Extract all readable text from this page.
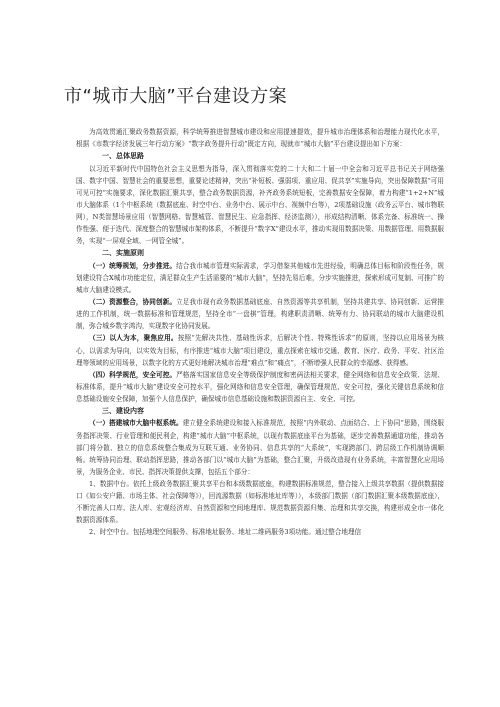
市“城市大脑”平台建设方案

为高效贯通汇聚政务数据资源，科学统筹推进智慧城市建设和应用提速提效，提升城市治理体系和治理能力现代化水平，根据《市数字经济发展三年行动方案》“数字政务提升行动”既定方向，现就市“城市大脑”平台建设提出如下方案：

一、总体思路

以习近平新时代中国特色社会主义思想为指导，深入贯彻落实党的二十大和二十届一中全会和习近平总书记关于网络强国、数字中国、智慧社会的重要思想，重要论述精神，突出“补短板、强弱项、重应用、促共享”实施导向，突出保障数据“可用可见可控”实施要求，深化数据汇聚共享，整合政务数据资源，补齐政务系统短板，完善数据安全保障，着力构建“1+2+N”城市大脑体系（1个中枢系统（数据底座、时空中台、业务中台、展示中台、视频中台等），2项基础设施（政务云平台、城市物联网），N类智慧场景应用（智慧网格、智慧城管、智慧民生、应急指挥、经济监测）），形成结构清晰、体系完备、标准统一、操作性强、便于迭代、深度整合的智慧城市架构体系，不断提升“数字X”建设水平，推动实现用数据决策、用数据管理、用数据服务，实现“一屏观全域、一网管全城”。

二、实施原则

（一）统筹规划，分步推进。结合我市城市管理实际需求，学习借鉴其他城市先进经验，明确总体目标和阶段性任务，规划建设符合X城市功能定位，满足群众生产生活需要的“城市大脑”，坚持先易后难，分步实施推进，探索形成可复制、可推广的城市大脑建设模式。

（二）资源整合，协同创新。立足我市现有政务数据基础底座、自然资源等共享机制，坚持共建共享、协同创新、运营推进的工作机制，统一数据标准和管理规范，坚持全市“一盘棋”管理，构建职责清晰、统筹有力、协同联动的城市大脑建设机制，弥合城乡数字鸿沟，实现数字化协同发展。

（三）以人为本，聚焦应用。按照“先解决共性、基础性诉求，后解决个性、特殊性诉求”的原则，坚持以应用场景为核心，以需求为导向，以实效为目标，有序推进“城市大脑”项目建设，重点探索在城市交通、教育、医疗、政务、平安、社区治理等领域的应用场景，以数字化的方式更好地解决城市治理“难点”和“痛点”，不断增强人民群众的幸福感、获得感。

（四）科学规范，安全可控。严格落实国家信息安全等级保护制度和密码法相关要求，健全网络和信息安全政策、法规、标准体系，提升“城市大脑”建设安全可控水平，强化网络和信息安全管理，确保管理规范、安全可控，强化关键信息系统和信息基础设施安全保障，加强个人信息保护，确保城市信息基础设施和数据资源自主、安全、可控。

三、建设内容

（一）搭建城市大脑中枢系统。建立健全系统建设和接入标准规范，按照“内外联动、点面结合、上下协同”思路，围绕服务指挥决策、行业管理和便民利企，构建“城市大脑”中枢系统，以现有数据底座平台为基础，逐步完善数据通道功能，推动各部门将分散、独立的信息系统整合集成为互联互通、业务协同、信息共享的“大系统”，实现跨部门、跨层级工作机制协调顺畅。统筹协同治理、联动指挥思路，推动各部门以“城市大脑”为基础，整合汇聚，升级改造现有业务系统，丰富智慧化应用场景，为服务企业、市民、指挥决策提供支撑，包括五个部分：

1、数据中台。依托上级政务数据汇聚共享平台和本级数据底座，构建数据标准规范，整合接入上级共享数据（提供数据接口《如公安户籍、市场主体、社会保障等》），回流源数据（如标准地址库等）），本级部门数据（部门数据汇聚本级数据底座），不断完善人口库、法人库、宏观经济库、自然资源和空间地理库、规范数据资源归集、治理和共享交换，构建形成全市一体化数据资源体系。

2、时空中台。包括地理空间服务、标准地址服务、地址二维码服务3项功能。通过整合地理信
